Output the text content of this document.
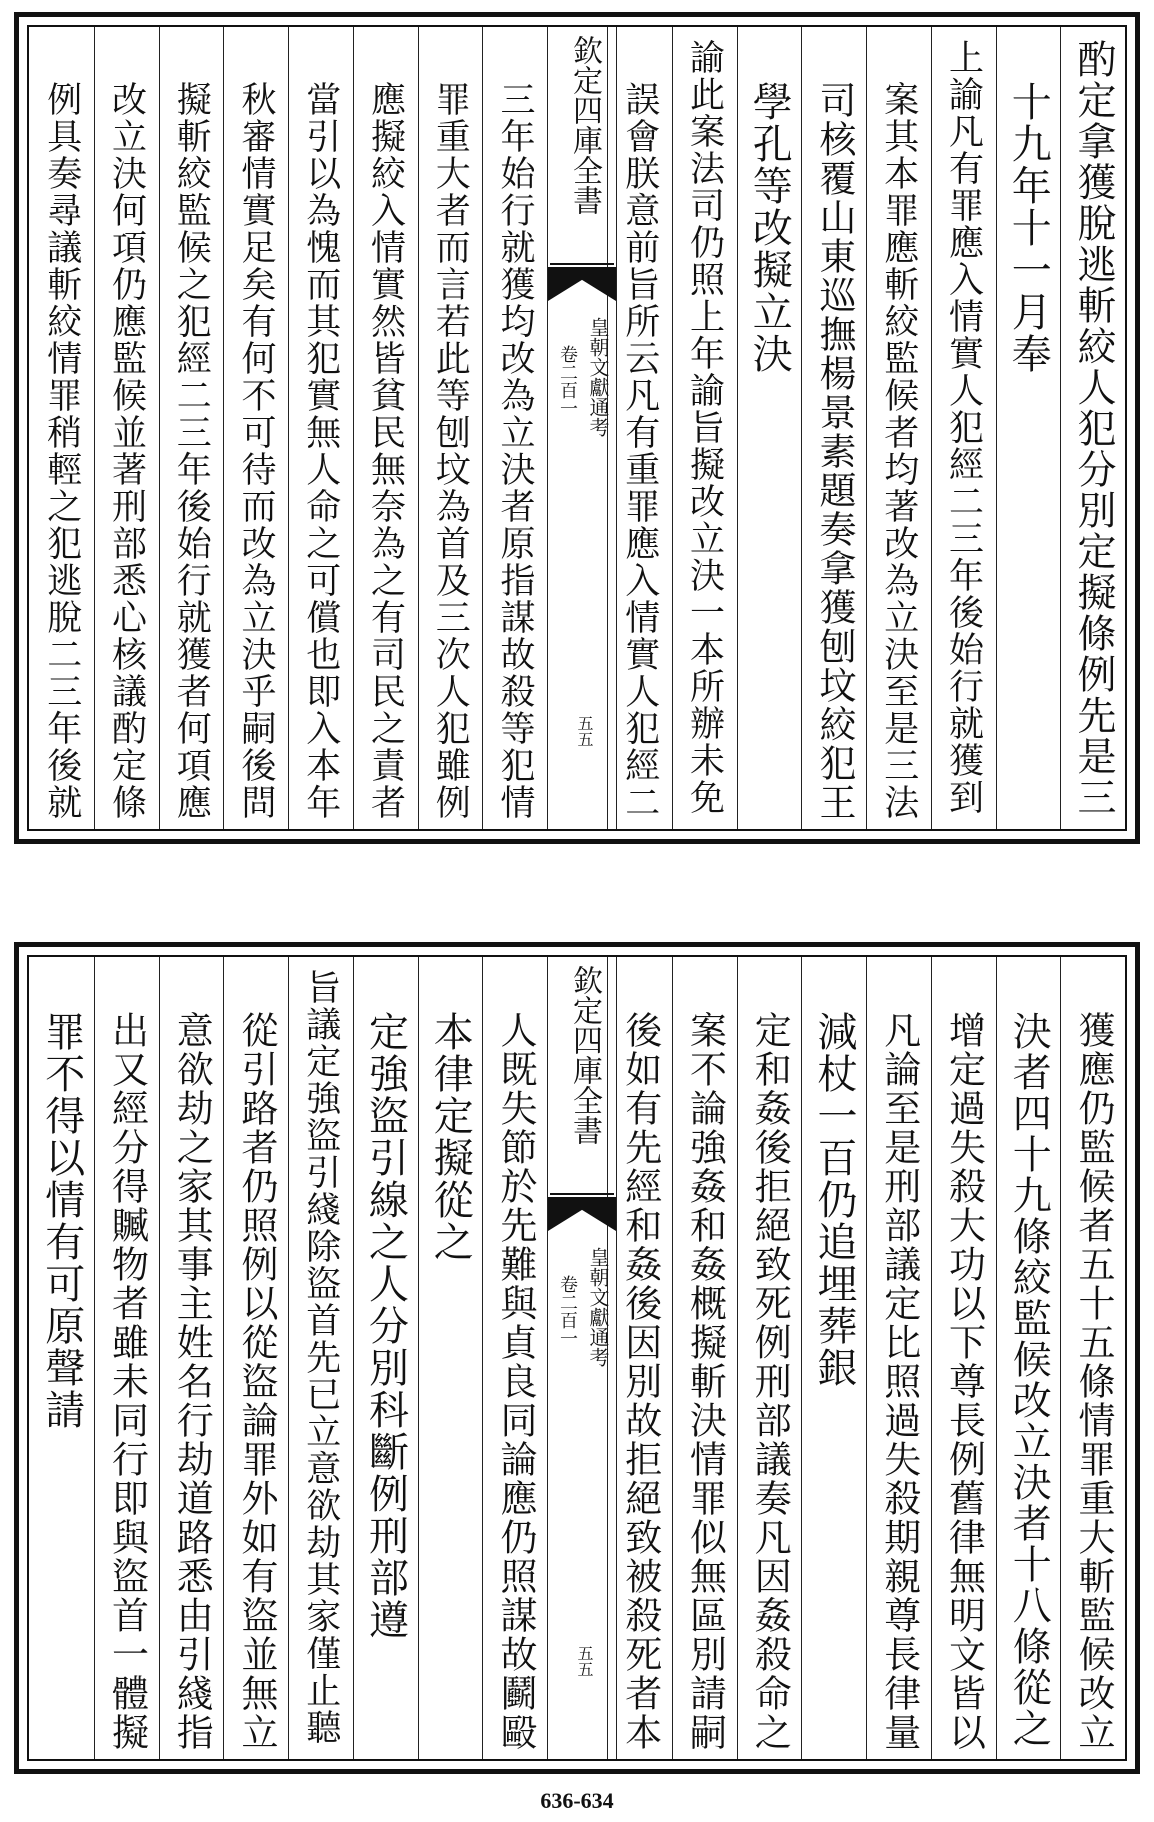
酌定拿獲脫逃斬絞人犯分別定擬條例先是三
十九年十一月奉
上諭凡有罪應入情實人犯經二三年後始行就獲到
案其本罪應斬絞監候者均著改為立決至是三法
司核覆山東巡撫楊景素題奏拿獲刨坟絞犯王
學孔等改擬立決
諭此案法司仍照上年諭旨擬改立決一本所辦未免
誤會朕意前旨所云凡有重罪應入情實人犯經二
欽定四庫全書
皇朝文獻通考
卷二百一
五五
三年始行就獲均改為立決者原指謀故殺等犯情
罪重大者而言若此等刨坟為首及三次人犯雖例
應擬絞入情實然皆貧民無奈為之有司民之責者
當引以為愧而其犯實無人命之可償也即入本年
秋審情實足矣有何不可待而改為立決乎嗣後問
擬斬絞監候之犯經二三年後始行就獲者何項應
改立決何項仍應監候並著刑部悉心核議酌定條
例具奏尋議斬絞情罪稍輕之犯逃脫二三年後就
獲應仍監候者五十五條情罪重大斬監候改立
決者四十九條絞監候改立決者十八條從之
增定過失殺大功以下尊長例舊律無明文皆以
凡論至是刑部議定比照過失殺期親尊長律量
減杖一百仍追埋葬銀
定和姦後拒絕致死例刑部議奏凡因姦殺命之
案不論強姦和姦概擬斬決情罪似無區別請嗣
後如有先經和姦後因別故拒絕致被殺死者本
欽定四庫全書
皇朝文獻通考
卷二百一
五五
人既失節於先難與貞良同論應仍照謀故鬬毆
本律定擬從之
定強盜引線之人分別科斷例刑部遵
旨議定強盜引綫除盜首先已立意欲劫其家僅止聽
從引路者仍照例以從盜論罪外如有盜並無立
意欲劫之家其事主姓名行劫道路悉由引綫指
出又經分得贓物者雖未同行即與盜首一體擬
罪不得以情有可原聲請
636-634
